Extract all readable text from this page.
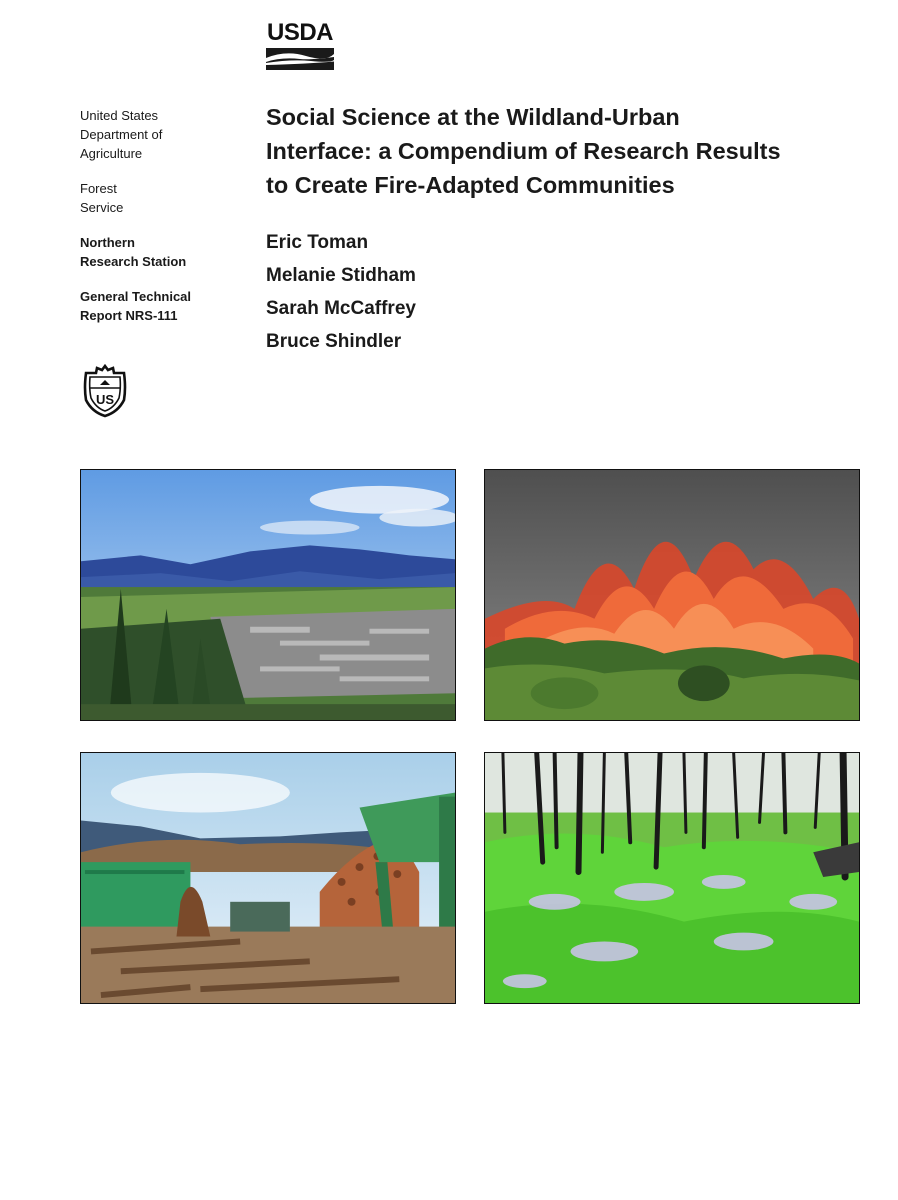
USDA
United States
Department of
Agriculture
Forest
Service
Northern
Research Station
General Technical
Report NRS-111
US
Social Science at the Wildland-Urban
Interface: a Compendium of Research Results
to Create Fire-Adapted Communities
Eric Toman
Melanie Stidham
Sarah McCaffrey
Bruce Shindler
